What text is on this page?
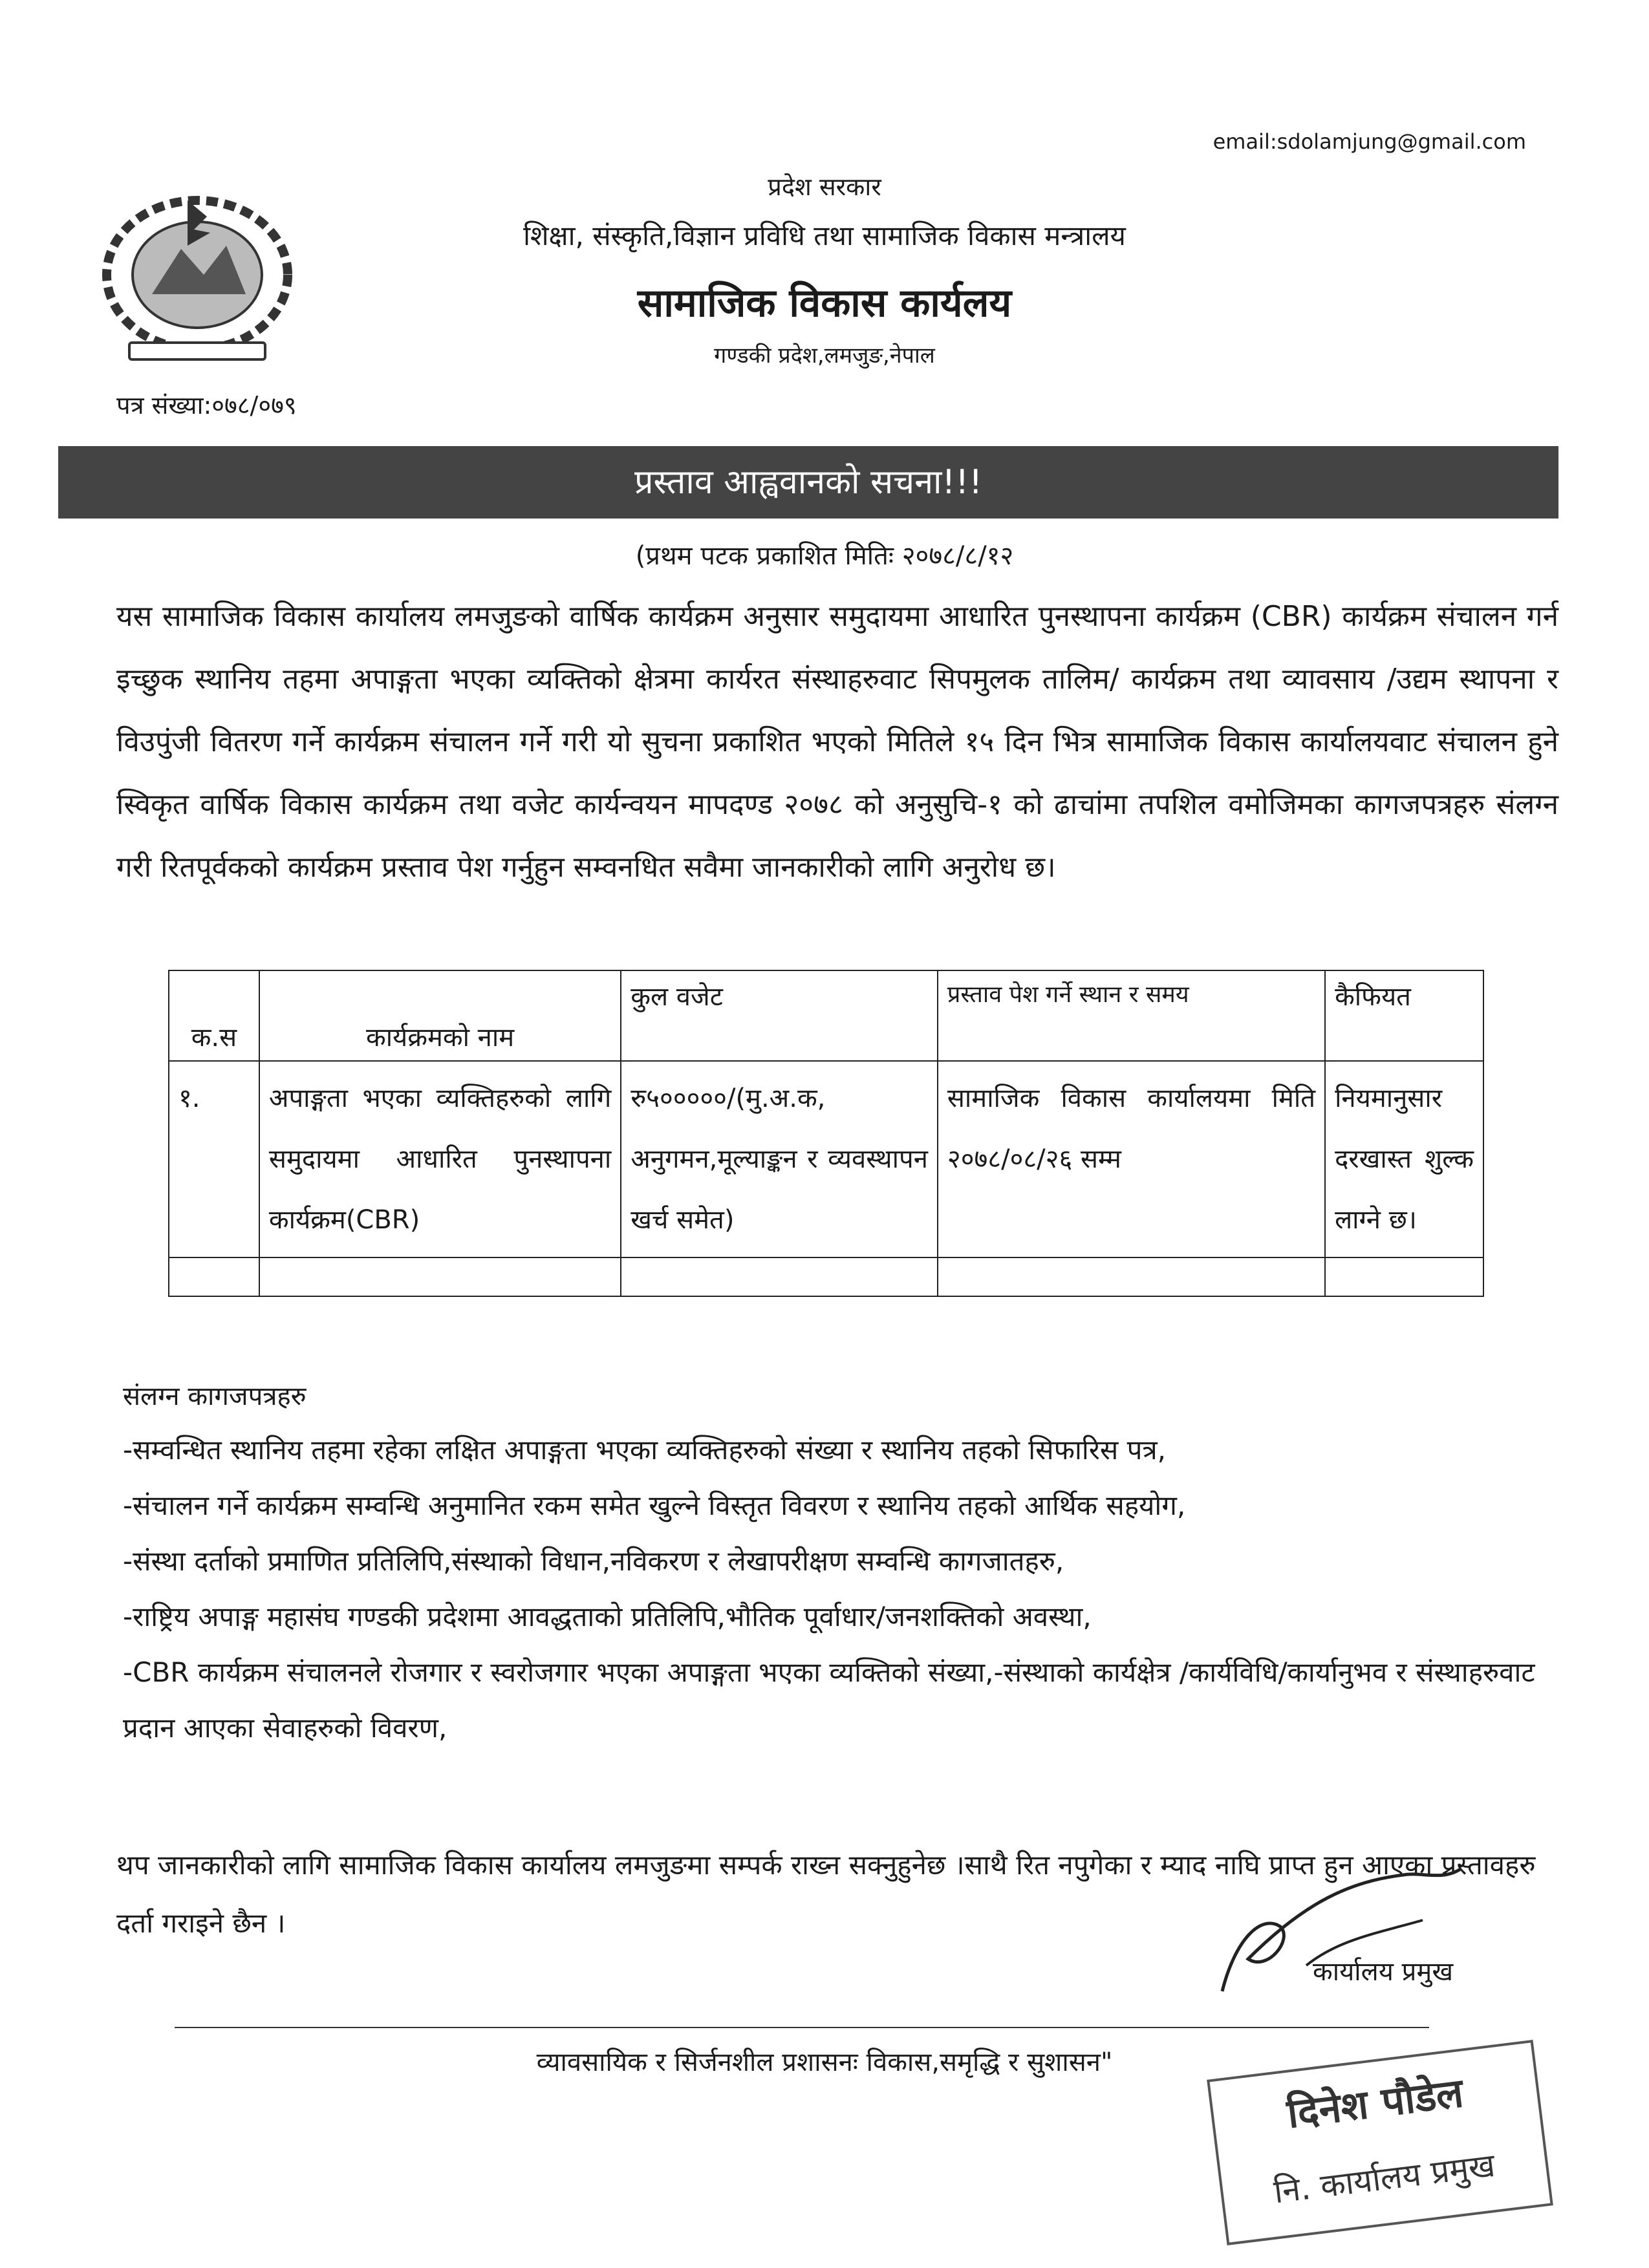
email:sdolamjung@gmail.com
प्रदेश सरकार
शिक्षा, संस्कृति,विज्ञान प्रविधि तथा सामाजिक विकास मन्त्रालय
सामाजिक विकास कार्यलय
गण्डकी प्रदेश,लमजुङ,नेपाल
पत्र संख्या:०७८/०७९
प्रस्ताव आह्ववानको सचना!!!
(प्रथम पटक प्रकाशित मितिः २०७८/८/१२
यस सामाजिक विकास कार्यालय लमजुङको वार्षिक कार्यक्रम अनुसार समुदायमा आधारित पुनस्थापना कार्यक्रम (CBR) कार्यक्रम संचालन गर्न इच्छुक स्थानिय तहमा अपाङ्गता भएका व्यक्तिको क्षेत्रमा कार्यरत संस्थाहरुवाट सिपमुलक तालिम/ कार्यक्रम तथा व्यावसाय /उद्यम स्थापना र विउपुंजी वितरण गर्ने कार्यक्रम संचालन गर्ने गरी यो सुचना प्रकाशित भएको मितिले १५ दिन भित्र सामाजिक विकास कार्यालयवाट संचालन हुने स्विकृत वार्षिक विकास कार्यक्रम तथा वजेट कार्यन्वयन मापदण्ड २०७८ को अनुसुचि-१ को ढाचांमा तपशिल वमोजिमका कागजपत्रहरु संलग्न गरी रितपूर्वकको कार्यक्रम प्रस्ताव पेश गर्नुहुन सम्वनधित सवैमा जानकारीको लागि अनुरोध छ।
क.स	कार्यक्रमको नाम	कुल वजेट	प्रस्ताव पेश गर्ने स्थान र समय	कैफियत
१.	अपाङ्गता भएका व्यक्तिहरुको लागि समुदायमा आधारित पुनस्थापना कार्यक्रम(CBR)	रु५०००००/(मु.अ.क, अनुगमन,मूल्याङ्कन र व्यवस्थापन खर्च समेत)	सामाजिक विकास कार्यालयमा मिति २०७८/०८/२६ सम्म	नियमानुसार दरखास्त शुल्क लाग्ने छ।

संलग्न कागजपत्रहरु
-सम्वन्धित स्थानिय तहमा रहेका लक्षित अपाङ्गता भएका व्यक्तिहरुको संख्या र स्थानिय तहको सिफारिस पत्र,
-संचालन गर्ने कार्यक्रम सम्वन्धि अनुमानित रकम समेत खुल्ने विस्तृत विवरण र स्थानिय तहको आर्थिक सहयोग,
-संस्था दर्ताको प्रमाणित प्रतिलिपि,संस्थाको विधान,नविकरण र लेखापरीक्षण सम्वन्धि कागजातहरु,
-राष्ट्रिय अपाङ्ग महासंघ गण्डकी प्रदेशमा आवद्धताको प्रतिलिपि,भौतिक पूर्वाधार/जनशक्तिको अवस्था,
-CBR कार्यक्रम संचालनले रोजगार र स्वरोजगार भएका अपाङ्गता भएका व्यक्तिको संख्या,-संस्थाको कार्यक्षेत्र /कार्यविधि/कार्यानुभव र संस्थाहरुवाट प्रदान आएका सेवाहरुको विवरण,
थप जानकारीको लागि सामाजिक विकास कार्यालय लमजुङमा सम्पर्क राख्न सक्नुहुनेछ ।साथै रित नपुगेका र म्याद नाघि प्राप्त हुन आएका प्रस्तावहरु दर्ता गराइने छैन ।
कार्यालय प्रमुख
व्यावसायिक र सिर्जनशील प्रशासनः विकास,समृद्धि र सुशासन"
दिनेश पौडेल
नि. कार्यालय प्रमुख
